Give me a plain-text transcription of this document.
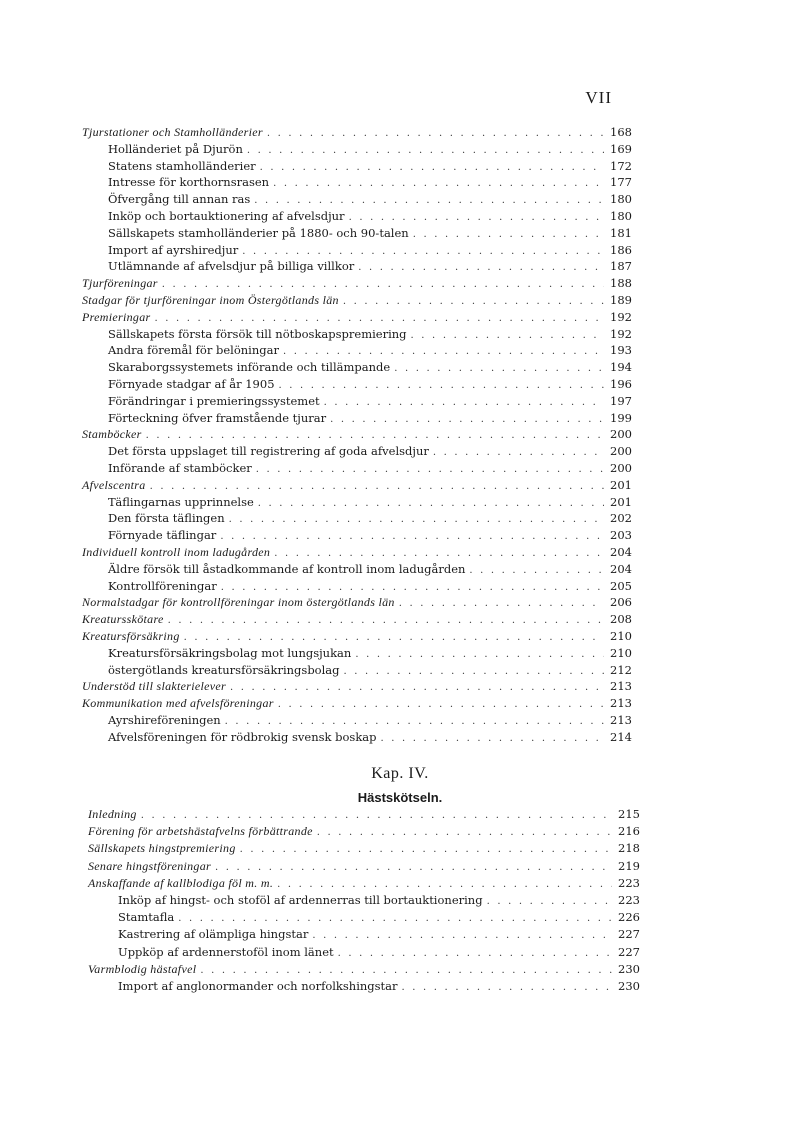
VII
Tjurstationer och Stamholländerier . . .	168
Holländeriet på Djurön . . .	169
Statens stamholländerier . . .	172
Intresse för korthornsrasen . . .	177
Öfvergång till annan ras . . .	180
Inköp och bortauktionering af afvelsdjur . . .	180
Sällskapets stamholländerier på 1880- och 90-talen . . .	181
Import af ayrshiredjur . . .	186
Utlämnande af afvelsdjur på billiga villkor . . .	187
Tjurföreningar . . .	188
Stadgar för tjurföreningar inom Östergötlands län . . .	189
Premieringar . . .	192
Sällskapets första försök till nötboskapspremiering . . .	192
Andra föremål för belöningar . . .	193
Skaraborgssystemets införande och tillämpande . . .	194
Förnyade stadgar af år 1905 . . .	196
Förändringar i premieringssystemet . . .	197
Förteckning öfver framstående tjurar . . .	199
Stamböcker . . .	200
Det första uppslaget till registrering af goda afvelsdjur . . .	200
Införande af stamböcker . . .	200
Afvelscentra . . .	201
Täflingarnas upprinnelse . . .	201
Den första täflingen . . .	202
Förnyade täflingar . . .	203
Individuell kontroll inom ladugården . . .	204
Äldre försök till åstadkommande af kontroll inom ladugården . . .	204
Kontrollföreningar . . .	205
Normalstadgar för kontrollföreningar inom östergötlands län . . .	206
Kreatursskötare . . .	208
Kreatursförsäkring . . .	210
Kreatursförsäkringsbolag mot lungsjukan . . .	210
östergötlands kreatursförsäkringsbolag . . .	212
Understöd till slakterielever . . .	213
Kommunikation med afvelsföreningar . . .	213
Ayrshireföreningen . . .	213
Afvelsföreningen för rödbrokig svensk boskap . . .	214
Kap. IV.
Hästskötseln.
Inledning . . .	215
Förening för arbetshästafvelns förbättrande . . .	216
Sällskapets hingstpremiering . . .	218
Senare hingstföreningar . . .	219
Anskaffande af kallblodiga föl m. m. . . .	223
Inköp af hingst- och stoföl af ardennerras till bortauktionering . . .	223
Stamtafla . . .	226
Kastrering af olämpliga hingstar . . .	227
Uppköp af ardennerstoföl inom länet . . .	227
Varmblodig hästafvel . . .	230
Import af anglonormander och norfolkshingstar . . .	230
